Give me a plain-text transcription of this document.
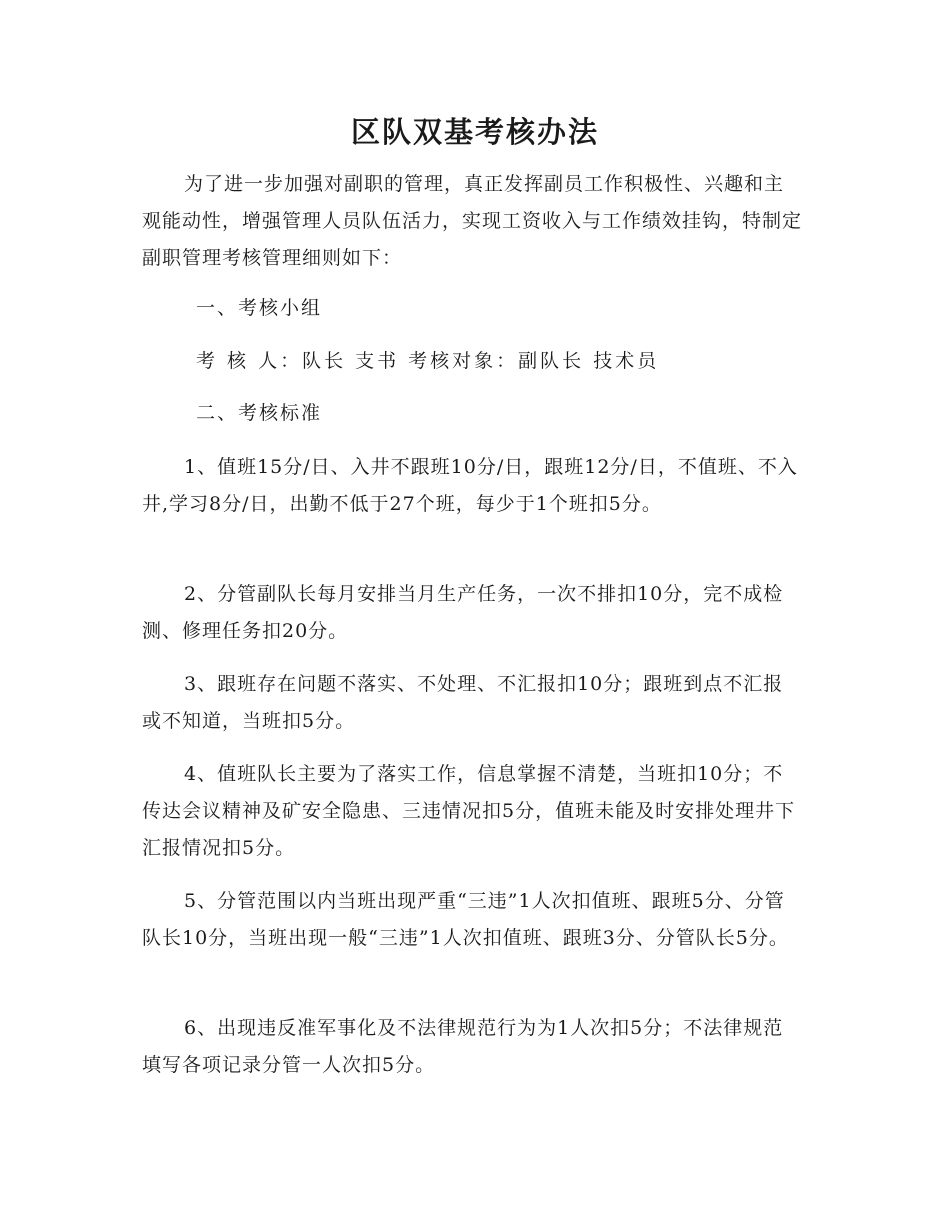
区队双基考核办法

为了进一步加强对副职的管理，真正发挥副员工作积极性、兴趣和主观能动性，增强管理人员队伍活力，实现工资收入与工作绩效挂钩，特制定副职管理考核管理细则如下：

一、考核小组

考 核 人：队长 支书 考核对象：副队长 技术员

二、考核标准

1、值班15分/日、入井不跟班10分/日，跟班12分/日，不值班、不入井,学习8分/日，出勤不低于27个班，每少于1个班扣5分。

2、分管副队长每月安排当月生产任务，一次不排扣10分，完不成检测、修理任务扣20分。

3、跟班存在问题不落实、不处理、不汇报扣10分；跟班到点不汇报或不知道，当班扣5分。

4、值班队长主要为了落实工作，信息掌握不清楚，当班扣10分；不传达会议精神及矿安全隐患、三违情况扣5分，值班未能及时安排处理井下汇报情况扣5分。

5、分管范围以内当班出现严重“三违”1人次扣值班、跟班5分、分管队长10分，当班出现一般“三违”1人次扣值班、跟班3分、分管队长5分。

6、出现违反准军事化及不法律规范行为为1人次扣5分；不法律规范填写各项记录分管一人次扣5分。
